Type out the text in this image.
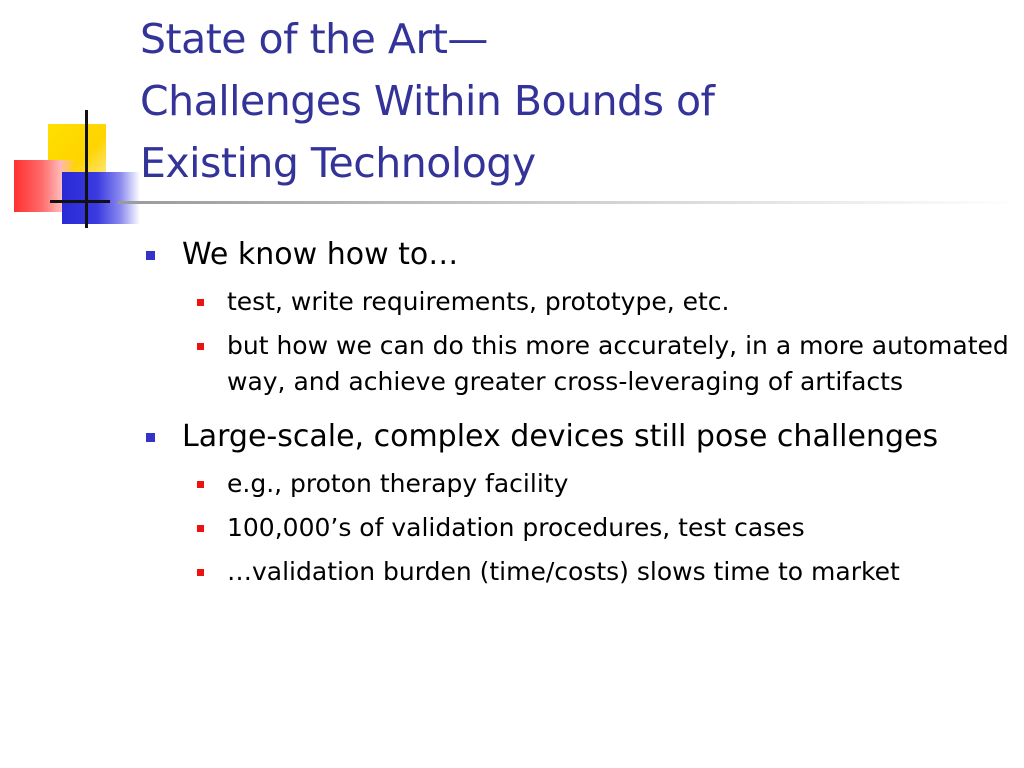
State of the Art—
Challenges Within Bounds of
Existing Technology
We know how to…
test, write requirements, prototype, etc.
but how we can do this more accurately, in a more automated way, and achieve greater cross-leveraging of artifacts
Large-scale, complex devices still pose challenges
e.g., proton therapy facility
100,000’s of validation procedures, test cases
…validation burden (time/costs) slows time to market
